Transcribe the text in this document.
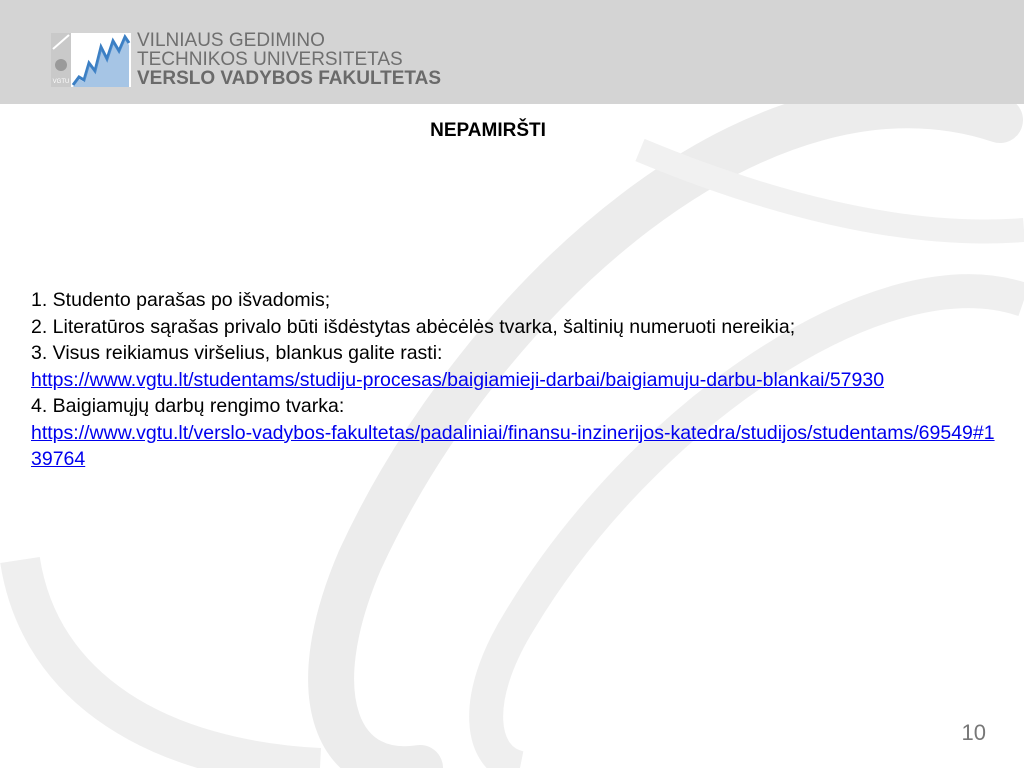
VGTU
VILNIAUS GEDIMINO
TECHNIKOS UNIVERSITETAS
VERSLO VADYBOS FAKULTETAS
NEPAMIRŠTI

1. Studento parašas po išvadomis;

2. Literatūros sąrašas privalo būti išdėstytas abėcėlės tvarka, šaltinių numeruoti nereikia;

3. Visus reikiamus viršelius, blankus galite rasti:
https://www.vgtu.lt/studentams/studiju-procesas/baigiamieji-darbai/baigiamuju-darbu-blankai/57930

4. Baigiamųjų darbų rengimo tvarka:
https://www.vgtu.lt/verslo-vadybos-fakultetas/padaliniai/finansu-inzinerijos-katedra/studijos/studentams/69549#139764

10
